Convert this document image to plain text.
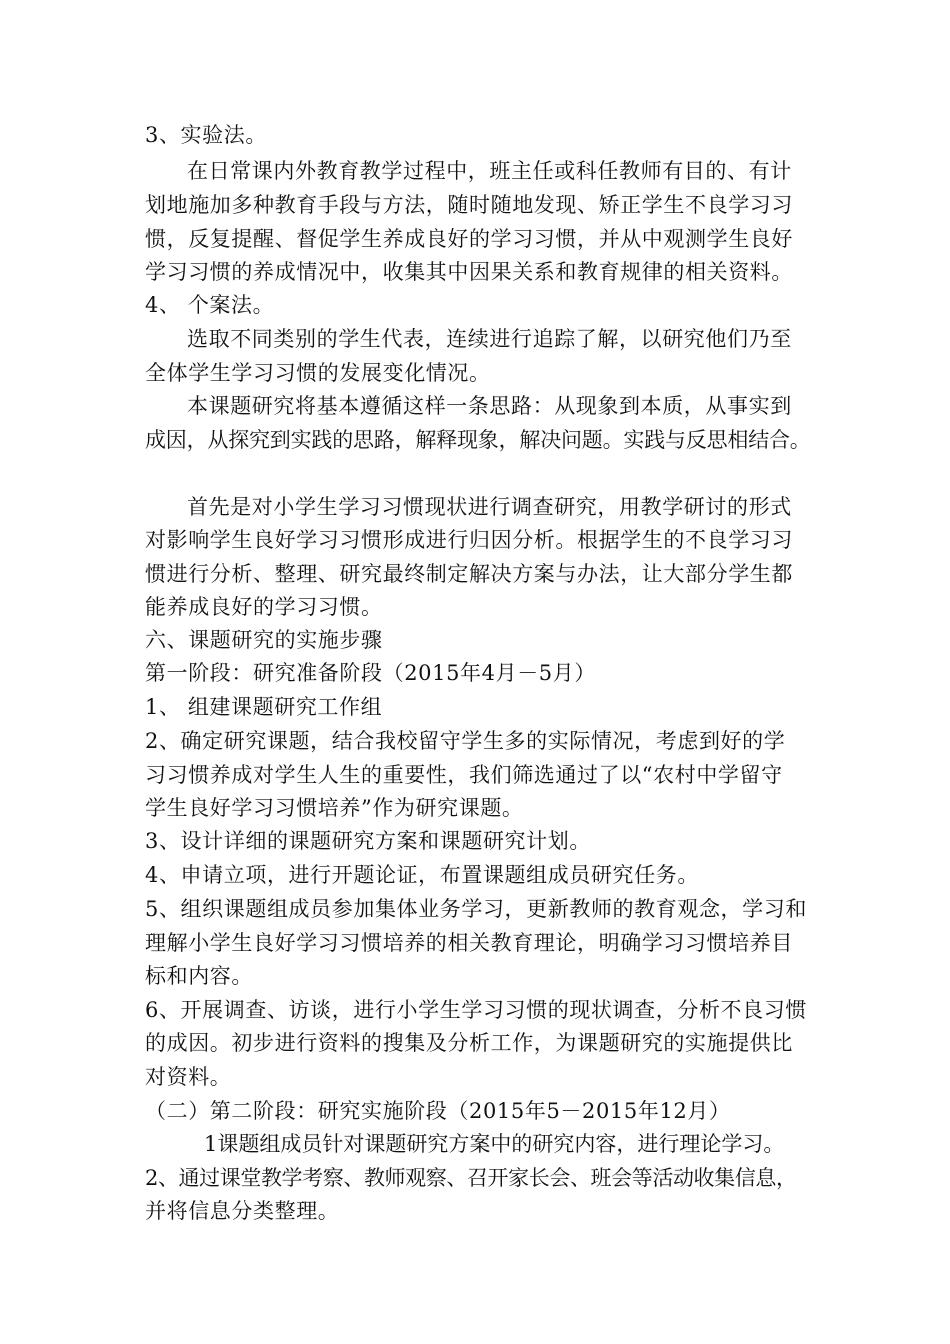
3、实验法。
在日常课内外教育教学过程中，班主任或科任教师有目的、有计
划地施加多种教育手段与方法，随时随地发现、矫正学生不良学习习
惯，反复提醒、督促学生养成良好的学习习惯，并从中观测学生良好
学习习惯的养成情况中，收集其中因果关系和教育规律的相关资料。
4、 个案法。
选取不同类别的学生代表，连续进行追踪了解，以研究他们乃至
全体学生学习习惯的发展变化情况。
本课题研究将基本遵循这样一条思路：从现象到本质，从事实到
成因，从探究到实践的思路，解释现象，解决问题。实践与反思相结合。
首先是对小学生学习习惯现状进行调查研究，用教学研讨的形式
对影响学生良好学习习惯形成进行归因分析。根据学生的不良学习习
惯进行分析、整理、研究最终制定解决方案与办法，让大部分学生都
能养成良好的学习习惯。
六、课题研究的实施步骤
第一阶段：研究准备阶段（2015年4月－5月）
1、 组建课题研究工作组
2、确定研究课题，结合我校留守学生多的实际情况，考虑到好的学
习习惯养成对学生人生的重要性，我们筛选通过了以“农村中学留守
学生良好学习习惯培养”作为研究课题。
3、设计详细的课题研究方案和课题研究计划。
4、申请立项，进行开题论证，布置课题组成员研究任务。
5、组织课题组成员参加集体业务学习，更新教师的教育观念，学习和
理解小学生良好学习习惯培养的相关教育理论，明确学习习惯培养目
标和内容。
6、开展调查、访谈，进行小学生学习习惯的现状调查，分析不良习惯
的成因。初步进行资料的搜集及分析工作，为课题研究的实施提供比
对资料。
（二）第二阶段：研究实施阶段（2015年5－2015年12月）
1课题组成员针对课题研究方案中的研究内容，进行理论学习。
2、通过课堂教学考察、教师观察、召开家长会、班会等活动收集信息，
并将信息分类整理。
